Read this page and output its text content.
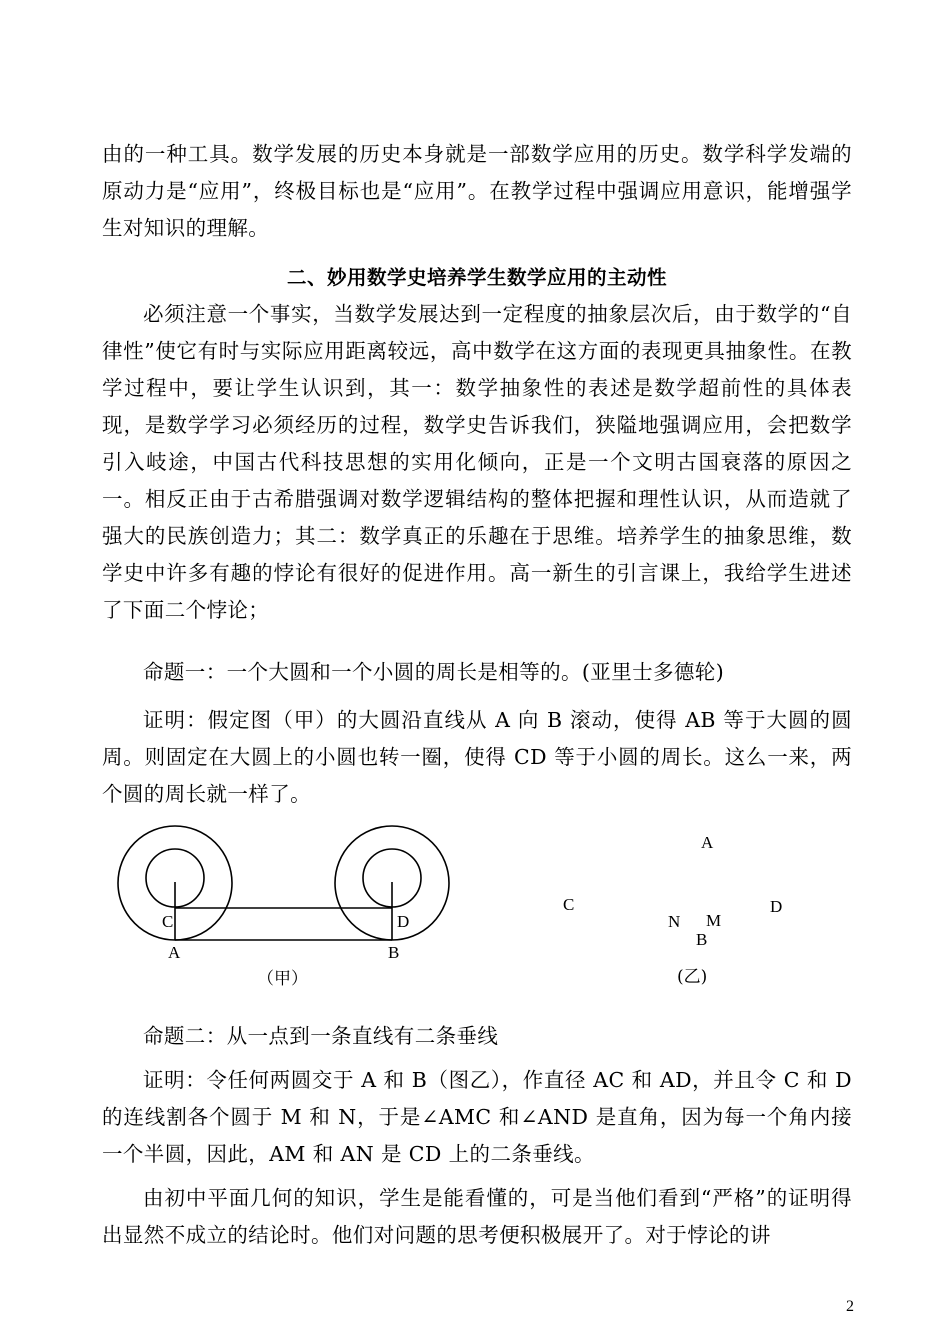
由的一种工具。数学发展的历史本身就是一部数学应用的历史。数学科学发端的原动力是“应用”，终极目标也是“应用”。在教学过程中强调应用意识，能增强学生对知识的理解。

二、妙用数学史培养学生数学应用的主动性

必须注意一个事实，当数学发展达到一定程度的抽象层次后，由于数学的“自律性”使它有时与实际应用距离较远，高中数学在这方面的表现更具抽象性。在教学过程中，要让学生认识到，其一：数学抽象性的表述是数学超前性的具体表现，是数学学习必须经历的过程，数学史告诉我们，狭隘地强调应用，会把数学引入岐途，中国古代科技思想的实用化倾向，正是一个文明古国衰落的原因之一。相反正由于古希腊强调对数学逻辑结构的整体把握和理性认识，从而造就了强大的民族创造力；其二：数学真正的乐趣在于思维。培养学生的抽象思维，数学史中许多有趣的悖论有很好的促进作用。高一新生的引言课上，我给学生进述了下面二个悖论；

命题一：一个大圆和一个小圆的周长是相等的。(亚里士多德轮)

证明：假定图（甲）的大圆沿直线从 A 向 B 滚动，使得 AB 等于大圆的圆周。则固定在大圆上的小圆也转一圈，使得 CD 等于小圆的周长。这么一来，两个圆的周长就一样了。

C	D
A	B
（甲）
A
C	D
N M
B
(乙)

命题二：从一点到一条直线有二条垂线

证明：令任何两圆交于 A 和 B（图乙），作直径 AC 和 AD，并且令 C 和 D 的连线割各个圆于 M 和 N，于是∠AMC 和∠AND 是直角，因为每一个角内接一个半圆，因此，AM 和 AN 是 CD 上的二条垂线。

由初中平面几何的知识，学生是能看懂的，可是当他们看到“严格”的证明得出显然不成立的结论时。他们对问题的思考便积极展开了。对于悖论的讲

2
